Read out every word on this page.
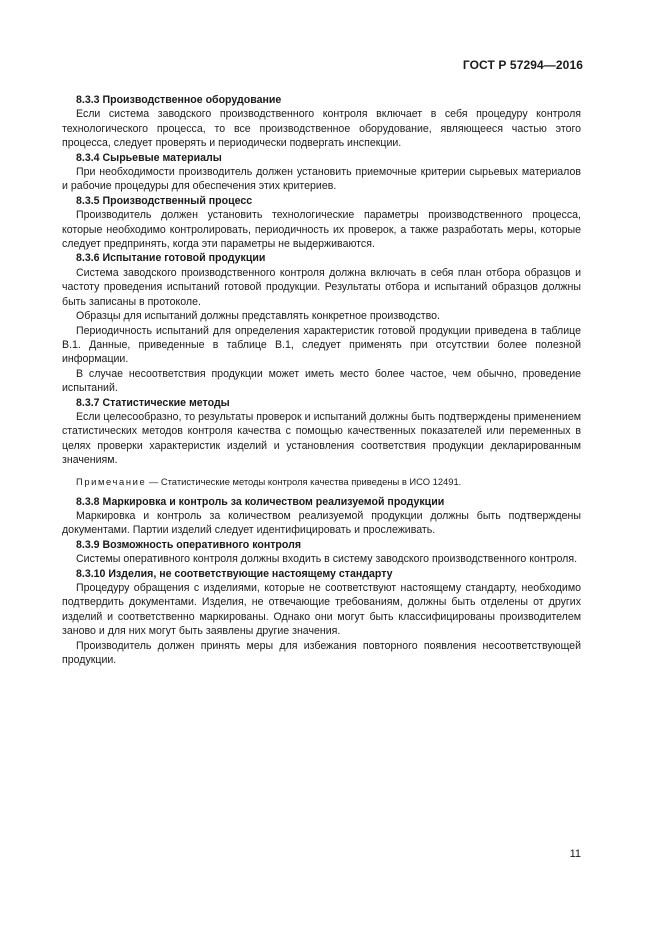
ГОСТ Р 57294—2016

8.3.3 Производственное оборудование

Если система заводского производственного контроля включает в себя процедуру контроля технологического процесса, то все производственное оборудование, являющееся частью этого процесса, следует проверять и периодически подвергать инспекции.

8.3.4 Сырьевые материалы

При необходимости производитель должен установить приемочные критерии сырьевых материалов и рабочие процедуры для обеспечения этих критериев.

8.3.5 Производственный процесс

Производитель должен установить технологические параметры производственного процесса, которые необходимо контролировать, периодичность их проверок, а также разработать меры, которые следует предпринять, когда эти параметры не выдерживаются.

8.3.6 Испытание готовой продукции

Система заводского производственного контроля должна включать в себя план отбора образцов и частоту проведения испытаний готовой продукции. Результаты отбора и испытаний образцов должны быть записаны в протоколе.

Образцы для испытаний должны представлять конкретное производство.

Периодичность испытаний для определения характеристик готовой продукции приведена в таблице В.1. Данные, приведенные в таблице В.1, следует применять при отсутствии более полезной информации.

В случае несоответствия продукции может иметь место более частое, чем обычно, проведение испытаний.

8.3.7 Статистические методы

Если целесообразно, то результаты проверок и испытаний должны быть подтверждены применением статистических методов контроля качества с помощью качественных показателей или переменных в целях проверки характеристик изделий и установления соответствия продукции декларированным значениям.

Примечание — Статистические методы контроля качества приведены в ИСО 12491.

8.3.8 Маркировка и контроль за количеством реализуемой продукции

Маркировка и контроль за количеством реализуемой продукции должны быть подтверждены документами. Партии изделий следует идентифицировать и прослеживать.

8.3.9 Возможность оперативного контроля

Системы оперативного контроля должны входить в систему заводского производственного контроля.

8.3.10 Изделия, не соответствующие настоящему стандарту

Процедуру обращения с изделиями, которые не соответствуют настоящему стандарту, необходимо подтвердить документами. Изделия, не отвечающие требованиям, должны быть отделены от других изделий и соответственно маркированы. Однако они могут быть классифицированы производителем заново и для них могут быть заявлены другие значения.

Производитель должен принять меры для избежания повторного появления несоответствующей продукции.

11
